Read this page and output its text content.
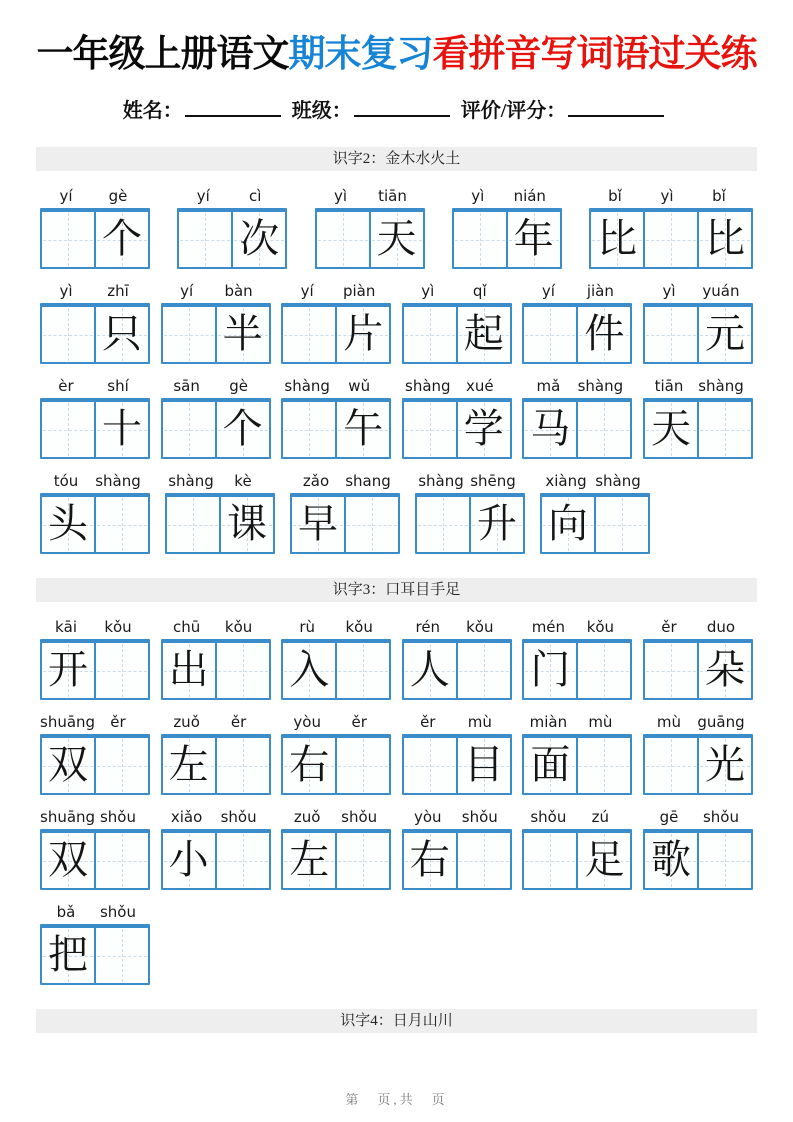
一年级上册语文期末复习看拼音写词语过关练
姓名：	班级：	评价/评分：
识字2：金木水火土
yí	gè
个
yí	cì
次
yì	tiān
天
yì	nián
年
bǐ	yì	bǐ
比 比
yì	zhī
只
yí	bàn
半
yí	piàn
片
yì	qǐ
起
yí	jiàn
件
yì	yuán
元
èr	shí
十
sān	gè
个
shàng	wǔ
午
shàng	xué
学
mǎ	shàng
马
tiān shàng
天
tóu	shàng
头
shàng	kè
课
zǎo	shang
早
shàng shēng
升
xiàng shàng
向
识字3：口耳目手足
kāi	kǒu
开
chū	kǒu
出
rù	kǒu
入
rén	kǒu
人
mén	kǒu
门
ěr	duo
朵
shuāng	ěr
双
zuǒ	ěr
左
yòu	ěr
右
ěr	mù
目
miàn	mù
面
mù	guāng
光
shuāng shǒu
双
xiǎo	shǒu
小
zuǒ	shǒu
左
yòu	shǒu
右
shǒu	zú
足
gē	shǒu
歌
bǎ	shǒu
把
识字4：日月山川
第　页,共　页
